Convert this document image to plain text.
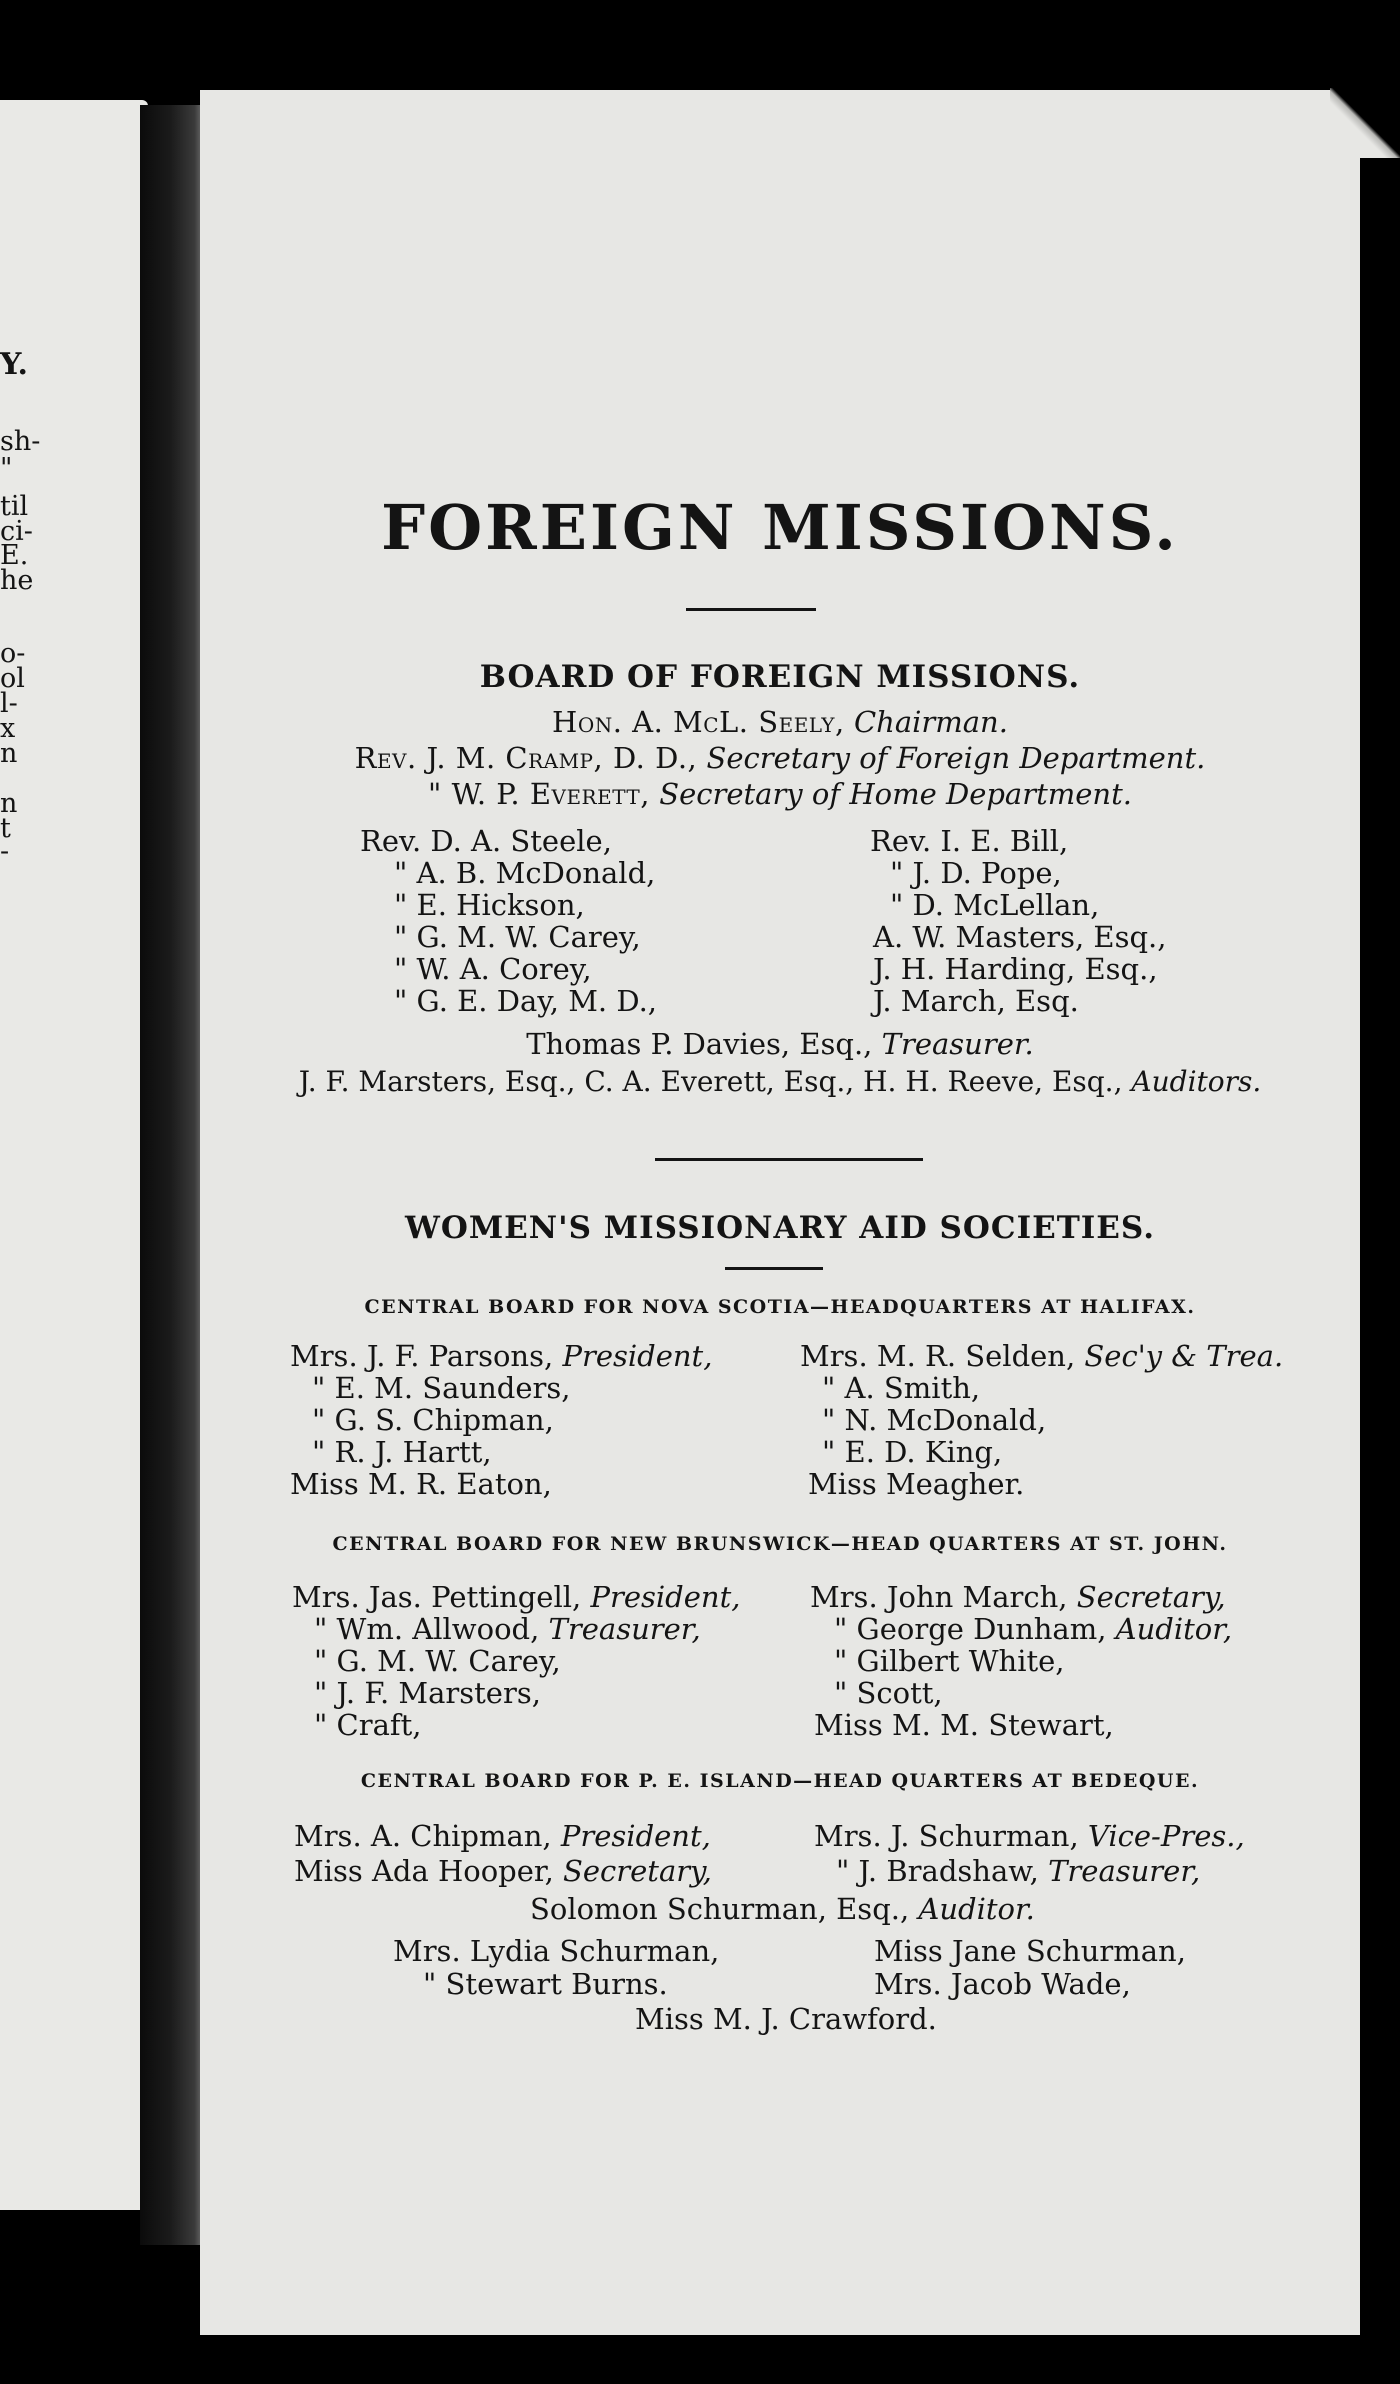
Y.
sh-
"
til
ci-
E.
he
o-
ol
l-
x
n
n
t
-
FOREIGN MISSIONS.
BOARD OF FOREIGN MISSIONS.
Hon. A. McL. Seely, Chairman.
Rev. J. M. Cramp, D. D., Secretary of Foreign Department.
" W. P. Everett, Secretary of Home Department.
Rev. D. A. Steele,
" A. B. McDonald,
" E. Hickson,
" G. M. W. Carey,
" W. A. Corey,
" G. E. Day, M. D.,
Rev. I. E. Bill,
" J. D. Pope,
" D. McLellan,
A. W. Masters, Esq.,
J. H. Harding, Esq.,
J. March, Esq.
Thomas P. Davies, Esq., Treasurer.
J. F. Marsters, Esq., C. A. Everett, Esq., H. H. Reeve, Esq., Auditors.
WOMEN'S MISSIONARY AID SOCIETIES.
CENTRAL BOARD FOR NOVA SCOTIA—HEADQUARTERS AT HALIFAX.
Mrs. J. F. Parsons, President,
" E. M. Saunders,
" G. S. Chipman,
" R. J. Hartt,
Miss M. R. Eaton,
Mrs. M. R. Selden, Sec'y & Trea.
" A. Smith,
" N. McDonald,
" E. D. King,
Miss Meagher.
CENTRAL BOARD FOR NEW BRUNSWICK—HEAD QUARTERS AT ST. JOHN.
Mrs. Jas. Pettingell, President,
" Wm. Allwood, Treasurer,
" G. M. W. Carey,
" J. F. Marsters,
" Craft,
Mrs. John March, Secretary,
" George Dunham, Auditor,
" Gilbert White,
" Scott,
Miss M. M. Stewart,
CENTRAL BOARD FOR P. E. ISLAND—HEAD QUARTERS AT BEDEQUE.
Mrs. A. Chipman, President,
Miss Ada Hooper, Secretary,
Mrs. J. Schurman, Vice-Pres.,
" J. Bradshaw, Treasurer,
Solomon Schurman, Esq., Auditor.
Mrs. Lydia Schurman,
" Stewart Burns.
Miss Jane Schurman,
Mrs. Jacob Wade,
Miss M. J. Crawford.
